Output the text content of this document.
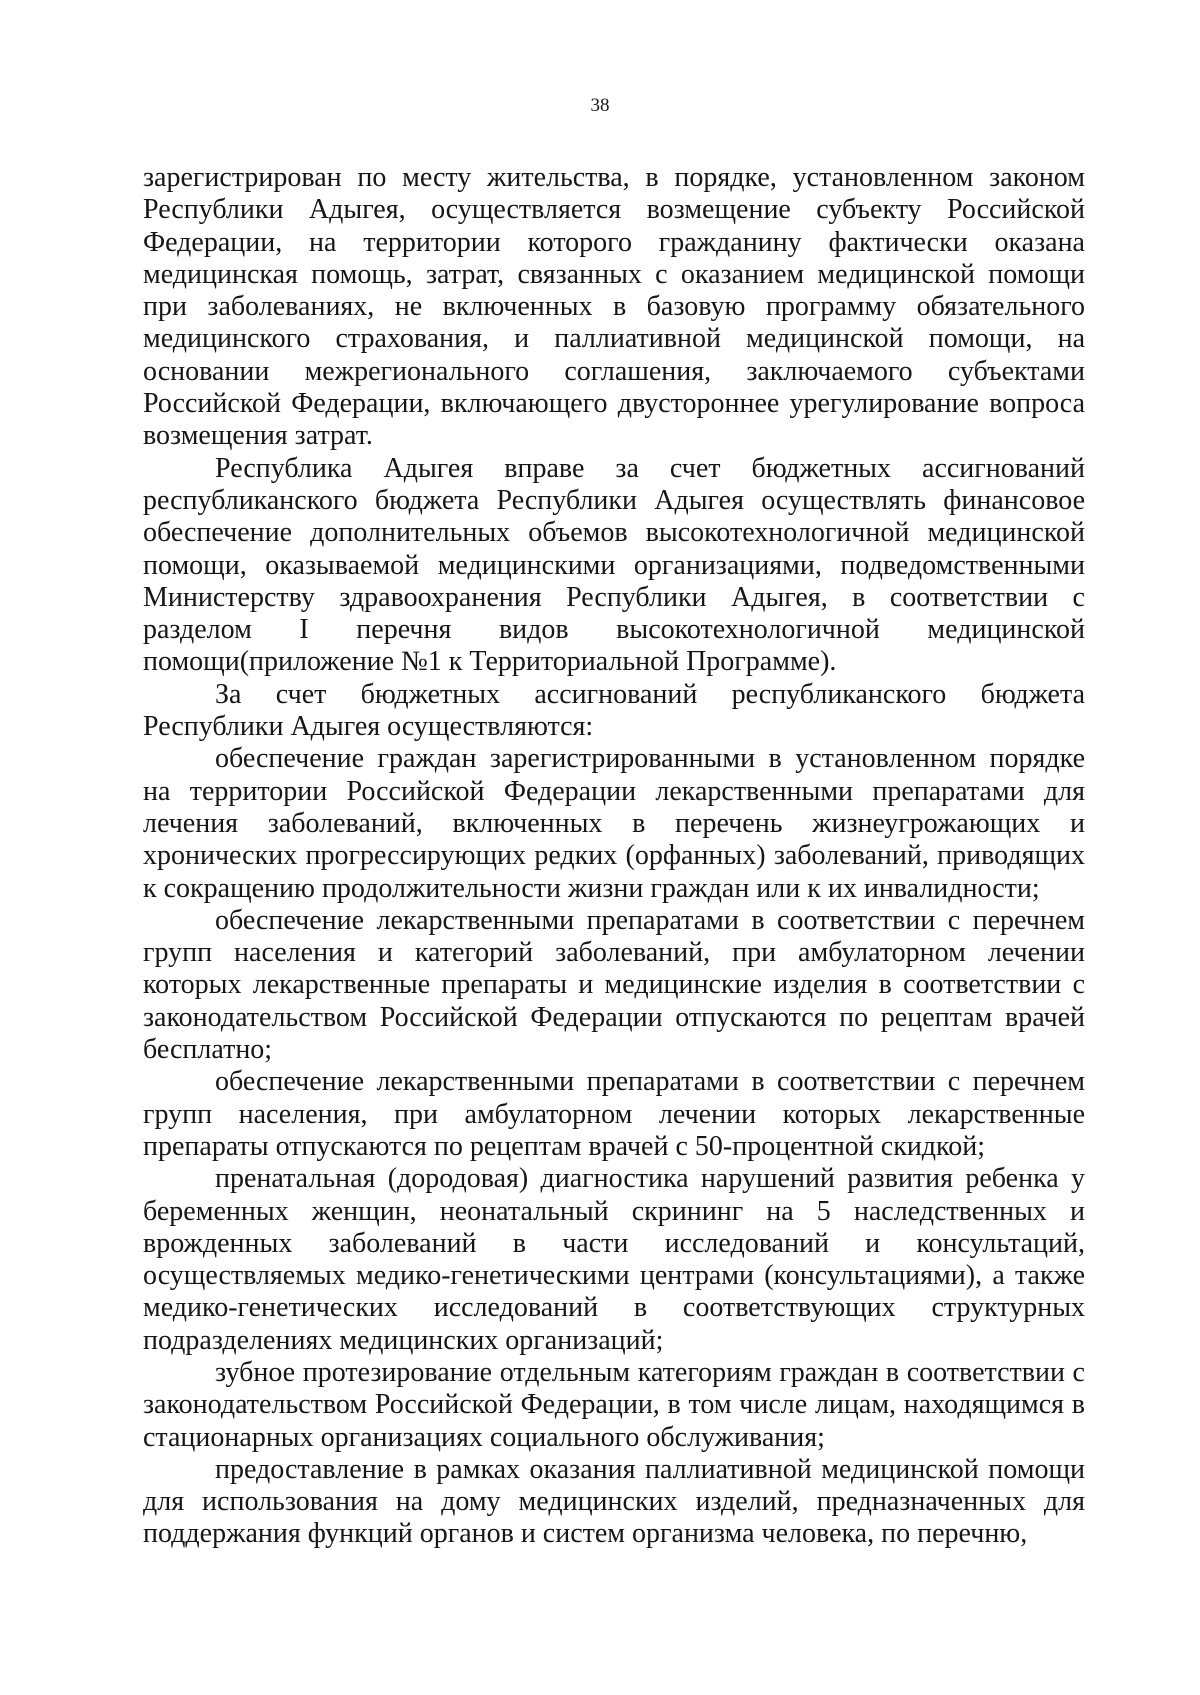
38

зарегистрирован по месту жительства, в порядке, установленном законом Республики Адыгея, осуществляется возмещение субъекту Российской Федерации, на территории которого гражданину фактически оказана медицинская помощь, затрат, связанных с оказанием медицинской помощи при заболеваниях, не включенных в базовую программу обязательного медицинского страхования, и паллиативной медицинской помощи, на основании межрегионального соглашения, заключаемого субъектами Российской Федерации, включающего двустороннее урегулирование вопроса возмещения затрат.

Республика Адыгея вправе за счет бюджетных ассигнований республиканского бюджета Республики Адыгея осуществлять финансовое обеспечение дополнительных объемов высокотехнологичной медицинской помощи, оказываемой медицинскими организациями, подведомственными Министерству здравоохранения Республики Адыгея, в соответствии с разделом I перечня видов высокотехнологичной медицинской помощи(приложение №1 к Территориальной Программе).

За счет бюджетных ассигнований республиканского бюджета Республики Адыгея осуществляются:

обеспечение граждан зарегистрированными в установленном порядке на территории Российской Федерации лекарственными препаратами для лечения заболеваний, включенных в перечень жизнеугрожающих и хронических прогрессирующих редких (орфанных) заболеваний, приводящих к сокращению продолжительности жизни граждан или к их инвалидности;

обеспечение лекарственными препаратами в соответствии с перечнем групп населения и категорий заболеваний, при амбулаторном лечении которых лекарственные препараты и медицинские изделия в соответствии с законодательством Российской Федерации отпускаются по рецептам врачей бесплатно;

обеспечение лекарственными препаратами в соответствии с перечнем групп населения, при амбулаторном лечении которых лекарственные препараты отпускаются по рецептам врачей с 50-процентной скидкой;

пренатальная (дородовая) диагностика нарушений развития ребенка у беременных женщин, неонатальный скрининг на 5 наследственных и врожденных заболеваний в части исследований и консультаций, осуществляемых медико-генетическими центрами (консультациями), а также медико-генетических исследований в соответствующих структурных подразделениях медицинских организаций;

зубное протезирование отдельным категориям граждан в соответствии с законодательством Российской Федерации, в том числе лицам, находящимся в стационарных организациях социального обслуживания;

предоставление в рамках оказания паллиативной медицинской помощи для использования на дому медицинских изделий, предназначенных для поддержания функций органов и систем организма человека, по перечню,
